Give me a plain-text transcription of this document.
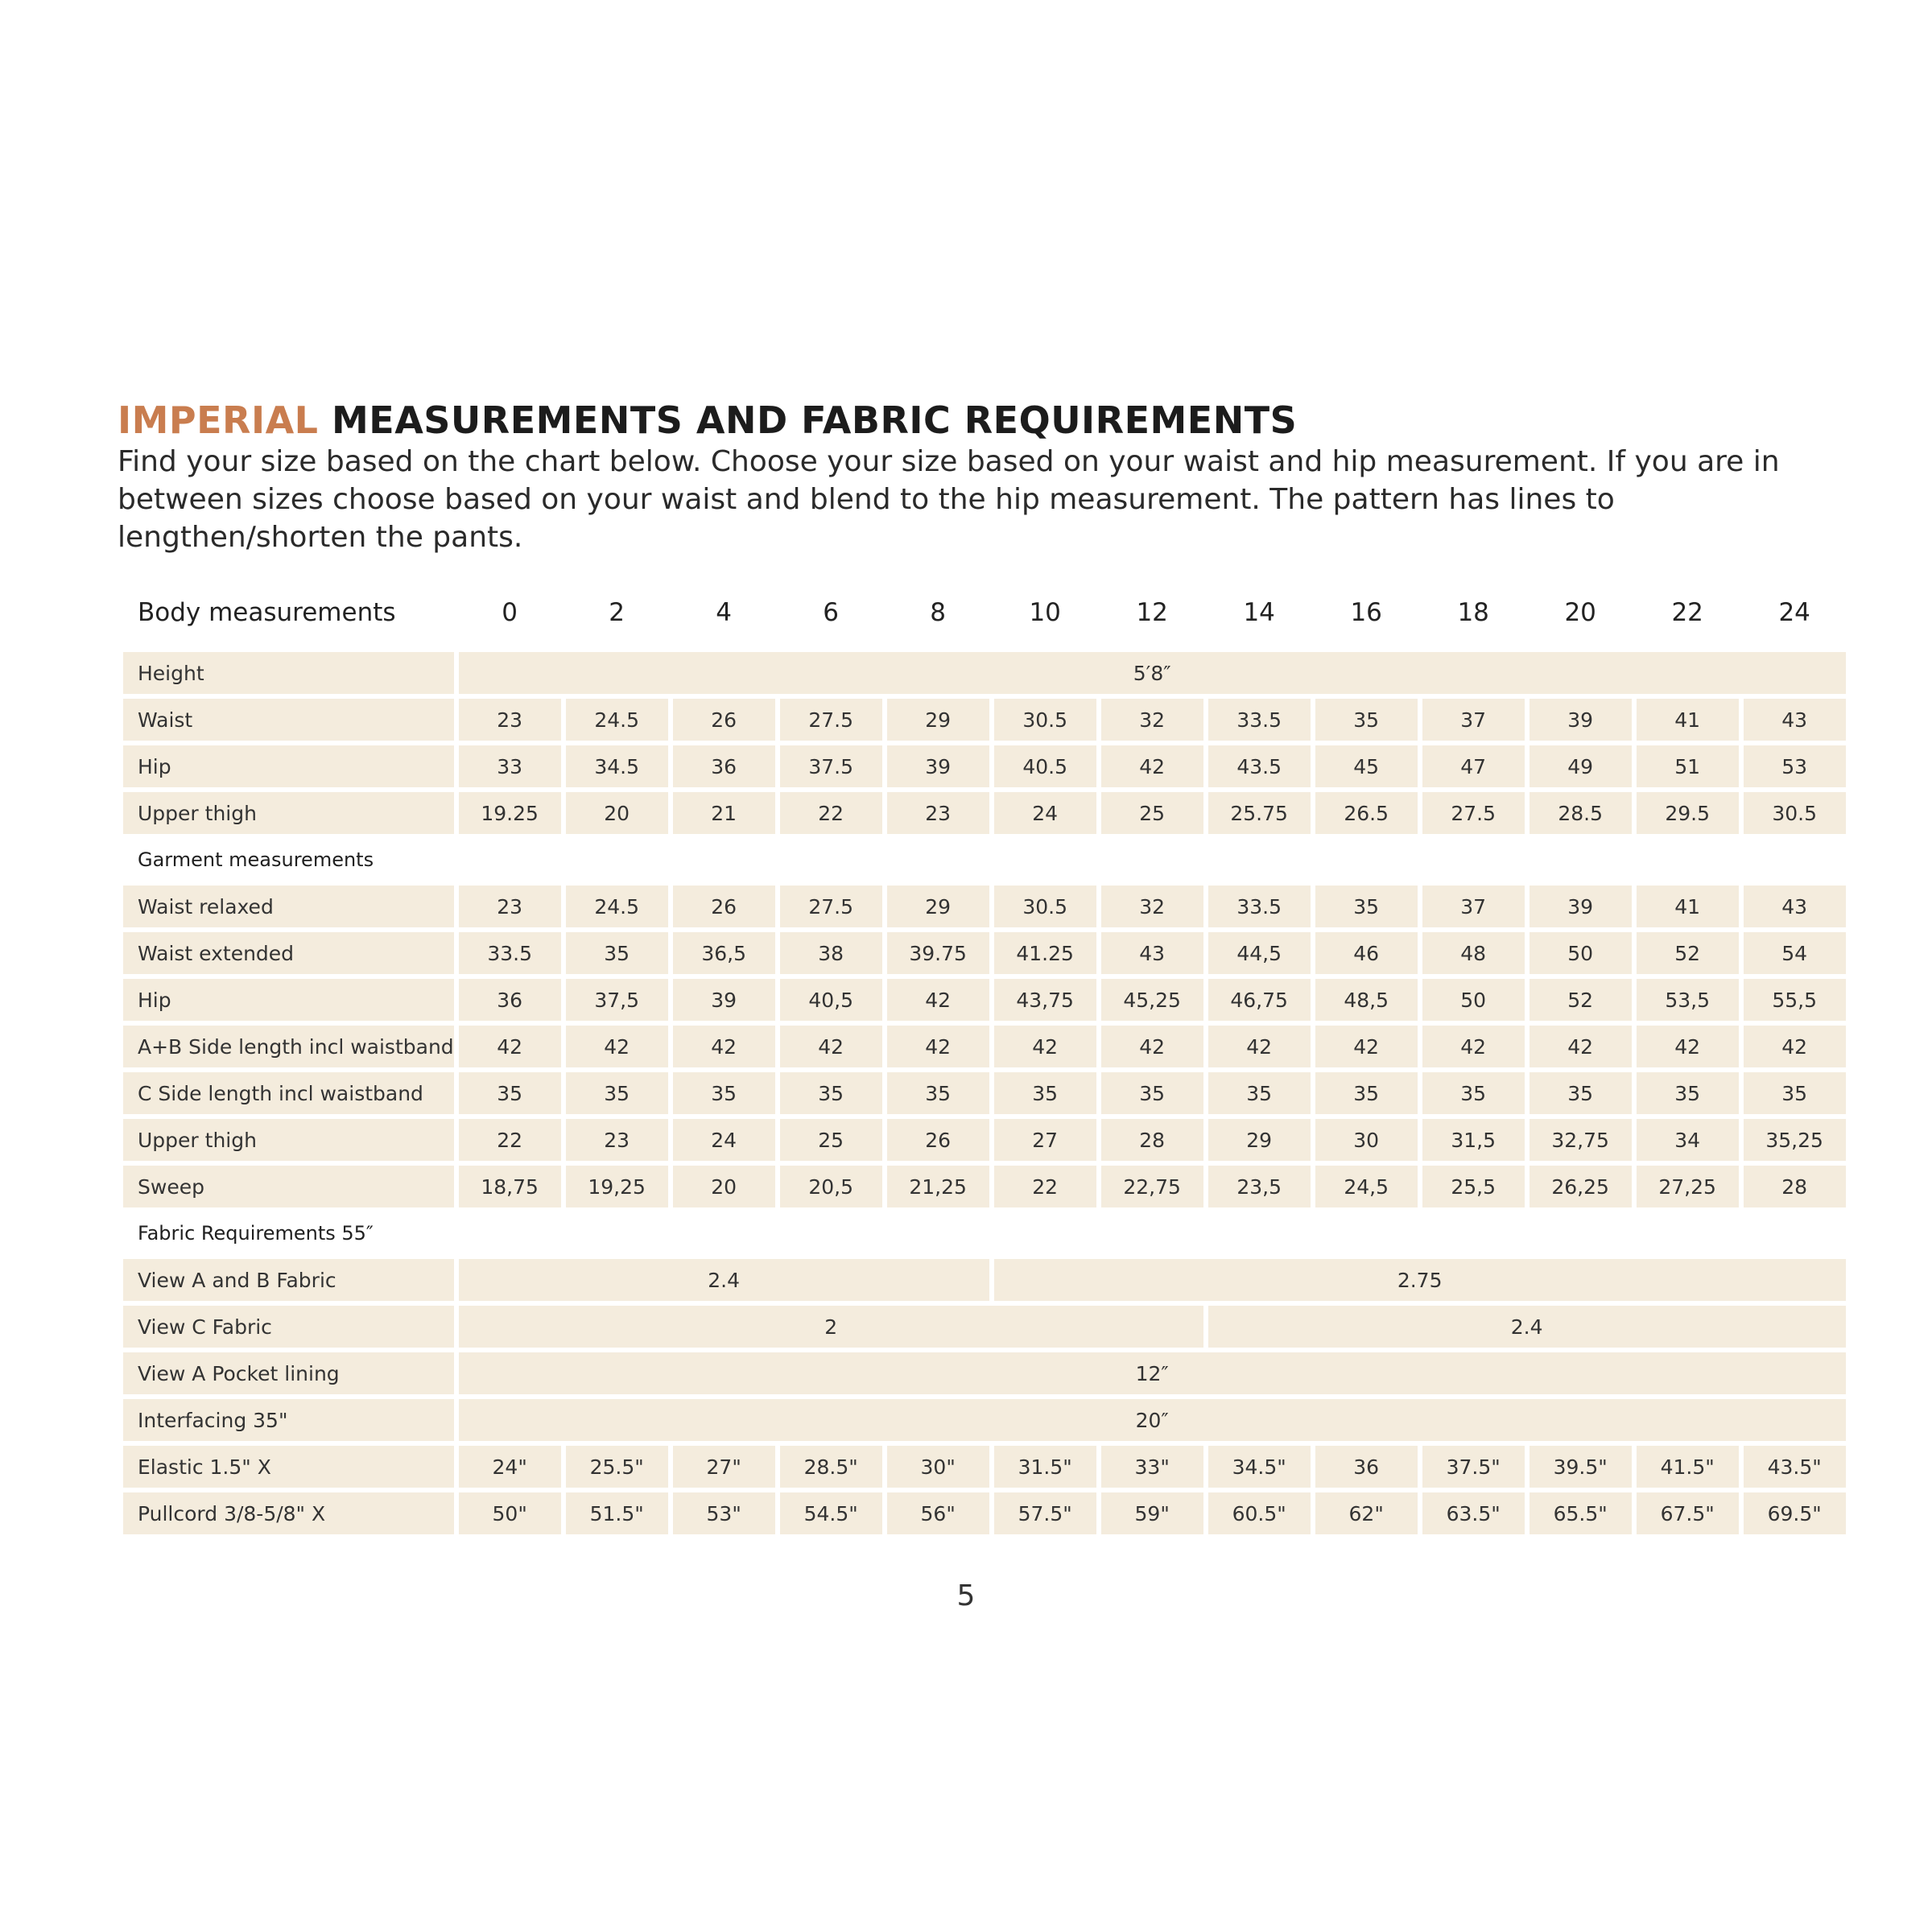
IMPERIAL MEASUREMENTS AND FABRIC REQUIREMENTS

Find your size based on the chart below. Choose your size based on your waist and hip measurement. If you are in between sizes choose based on your waist and blend to the hip measurement. The pattern has lines to lengthen/shorten the pants.

Body measurements	0	2	4	6	8	10	12	14	16	18	20	22	24

Height	5′8″												
Waist	23	24.5	26	27.5	29	30.5	32	33.5	35	37	39	41	43
Hip	33	34.5	36	37.5	39	40.5	42	43.5	45	47	49	51	53
Upper thigh	19.25	20	21	22	23	24	25	25.75	26.5	27.5	28.5	29.5	30.5
Garment measurements													
Waist relaxed	23	24.5	26	27.5	29	30.5	32	33.5	35	37	39	41	43
Waist extended	33.5	35	36,5	38	39.75	41.25	43	44,5	46	48	50	52	54
Hip	36	37,5	39	40,5	42	43,75	45,25	46,75	48,5	50	52	53,5	55,5
A+B Side length incl waistband	42	42	42	42	42	42	42	42	42	42	42	42	42
C Side length incl waistband	35	35	35	35	35	35	35	35	35	35	35	35	35
Upper thigh	22	23	24	25	26	27	28	29	30	31,5	32,75	34	35,25
Sweep	18,75	19,25	20	20,5	21,25	22	22,75	23,5	24,5	25,5	26,25	27,25	28
Fabric Requirements 55″													
View A and B Fabric	2.4					2.75							
View C Fabric	2							2.4					
View A Pocket lining	12″												
Interfacing 35"	20″												
Elastic 1.5" X	24"	25.5"	27"	28.5"	30"	31.5"	33"	34.5"	36	37.5"	39.5"	41.5"	43.5"
Pullcord 3/8-5/8" X	50"	51.5"	53"	54.5"	56"	57.5"	59"	60.5"	62"	63.5"	65.5"	67.5"	69.5"
5
